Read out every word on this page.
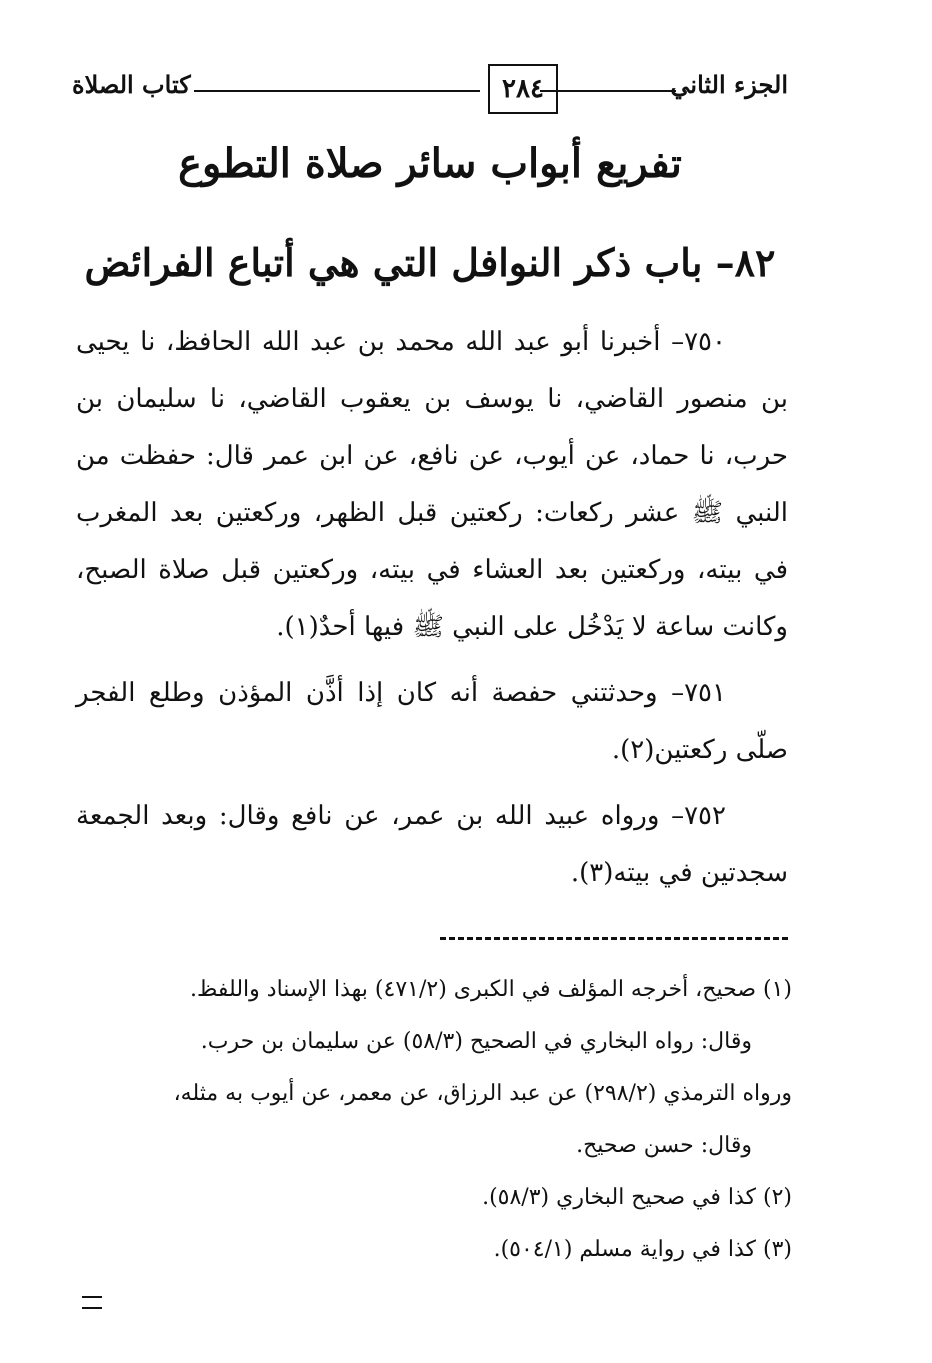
الجزء الثاني
٢٨٤
كتاب الصلاة
تفريع أبواب سائر صلاة التطوع
٨٢– باب ذكر النوافل التي هي أتباع الفرائض

٧٥٠– أخبرنا أبو عبد الله محمد بن عبد الله الحافظ، نا يحيى بن منصور القاضي، نا يوسف بن يعقوب القاضي، نا سليمان بن حرب، نا حماد، عن أيوب، عن نافع، عن ابن عمر قال: حفظت من النبي ﷺ عشر ركعات: ركعتين قبل الظهر، وركعتين بعد المغرب في بيته، وركعتين بعد العشاء في بيته، وركعتين قبل صلاة الصبح، وكانت ساعة لا يَدْخُل على النبي ﷺ فيها أحدٌ(١).

٧٥١– وحدثتني حفصة أنه كان إذا أذَّن المؤذن وطلع الفجر صلّى ركعتين(٢).

٧٥٢– ورواه عبيد الله بن عمر، عن نافع وقال: وبعد الجمعة سجدتين في بيته(٣).

(١) صحيح، أخرجه المؤلف في الكبرى (٤٧١/٢) بهذا الإسناد واللفظ.

وقال: رواه البخاري في الصحيح (٥٨/٣) عن سليمان بن حرب.

ورواه الترمذي (٢٩٨/٢) عن عبد الرزاق، عن معمر، عن أيوب به مثله،

وقال: حسن صحيح.

(٢) كذا في صحيح البخاري (٥٨/٣).

(٣) كذا في رواية مسلم (٥٠٤/١).
